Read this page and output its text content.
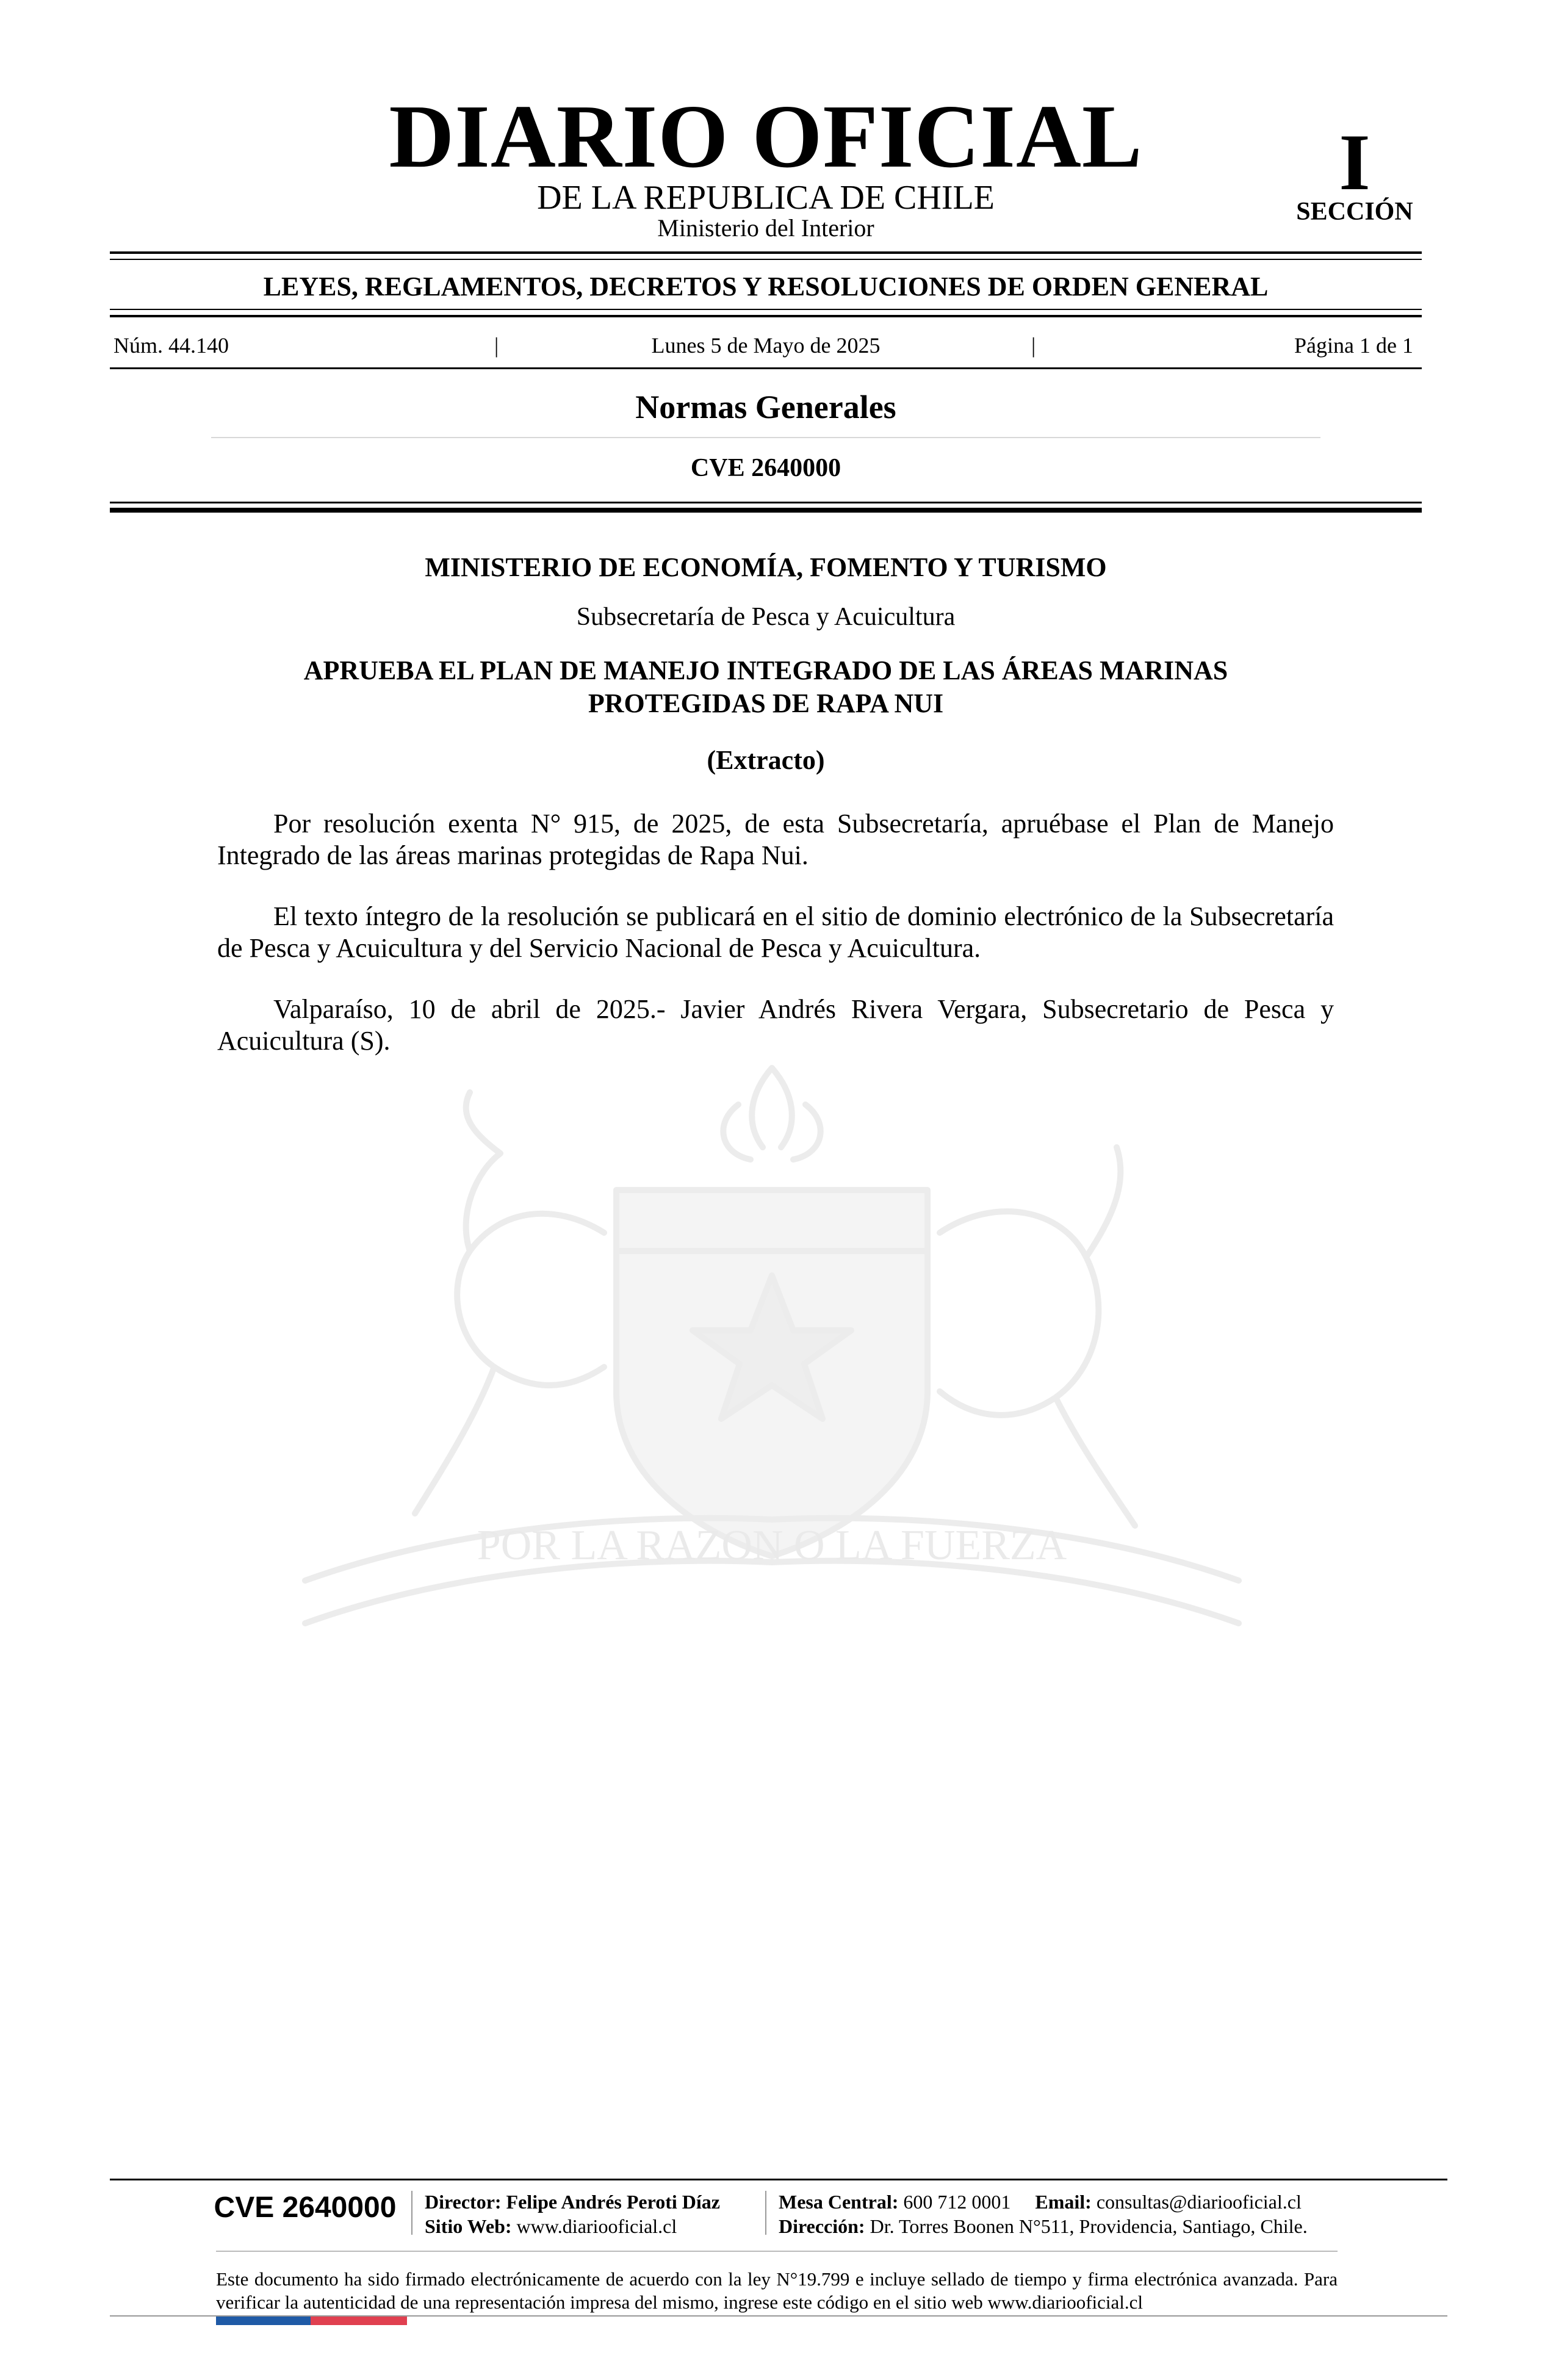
DIARIO OFICIAL
DE LA REPUBLICA DE CHILE
Ministerio del Interior
I
SECCIÓN
LEYES, REGLAMENTOS, DECRETOS Y RESOLUCIONES DE ORDEN GENERAL
Núm. 44.140	|	Lunes 5 de Mayo de 2025	|	Página 1 de 1
Normas Generales
CVE 2640000
POR LA RAZON O LA FUERZA
MINISTERIO DE ECONOMÍA, FOMENTO Y TURISMO
Subsecretaría de Pesca y Acuicultura
APRUEBA EL PLAN DE MANEJO INTEGRADO DE LAS ÁREAS MARINAS PROTEGIDAS DE RAPA NUI
(Extracto)

Por resolución exenta N° 915, de 2025, de esta Subsecretaría, apruébase el Plan de Manejo Integrado de las áreas marinas protegidas de Rapa Nui.

El texto íntegro de la resolución se publicará en el sitio de dominio electrónico de la Subsecretaría de Pesca y Acuicultura y del Servicio Nacional de Pesca y Acuicultura.

Valparaíso, 10 de abril de 2025.- Javier Andrés Rivera Vergara, Subsecretario de Pesca y Acuicultura (S).

CVE 2640000	Director: Felipe Andrés Peroti Díaz
Sitio Web: www.diariooficial.cl
Mesa Central: 600 712 0001 Email: consultas@diariooficial.cl
Dirección: Dr. Torres Boonen N°511, Providencia, Santiago, Chile.

Este documento ha sido firmado electrónicamente de acuerdo con la ley N°19.799 e incluye sellado de tiempo y firma electrónica avanzada. Para verificar la autenticidad de una representación impresa del mismo, ingrese este código en el sitio web www.diariooficial.cl
